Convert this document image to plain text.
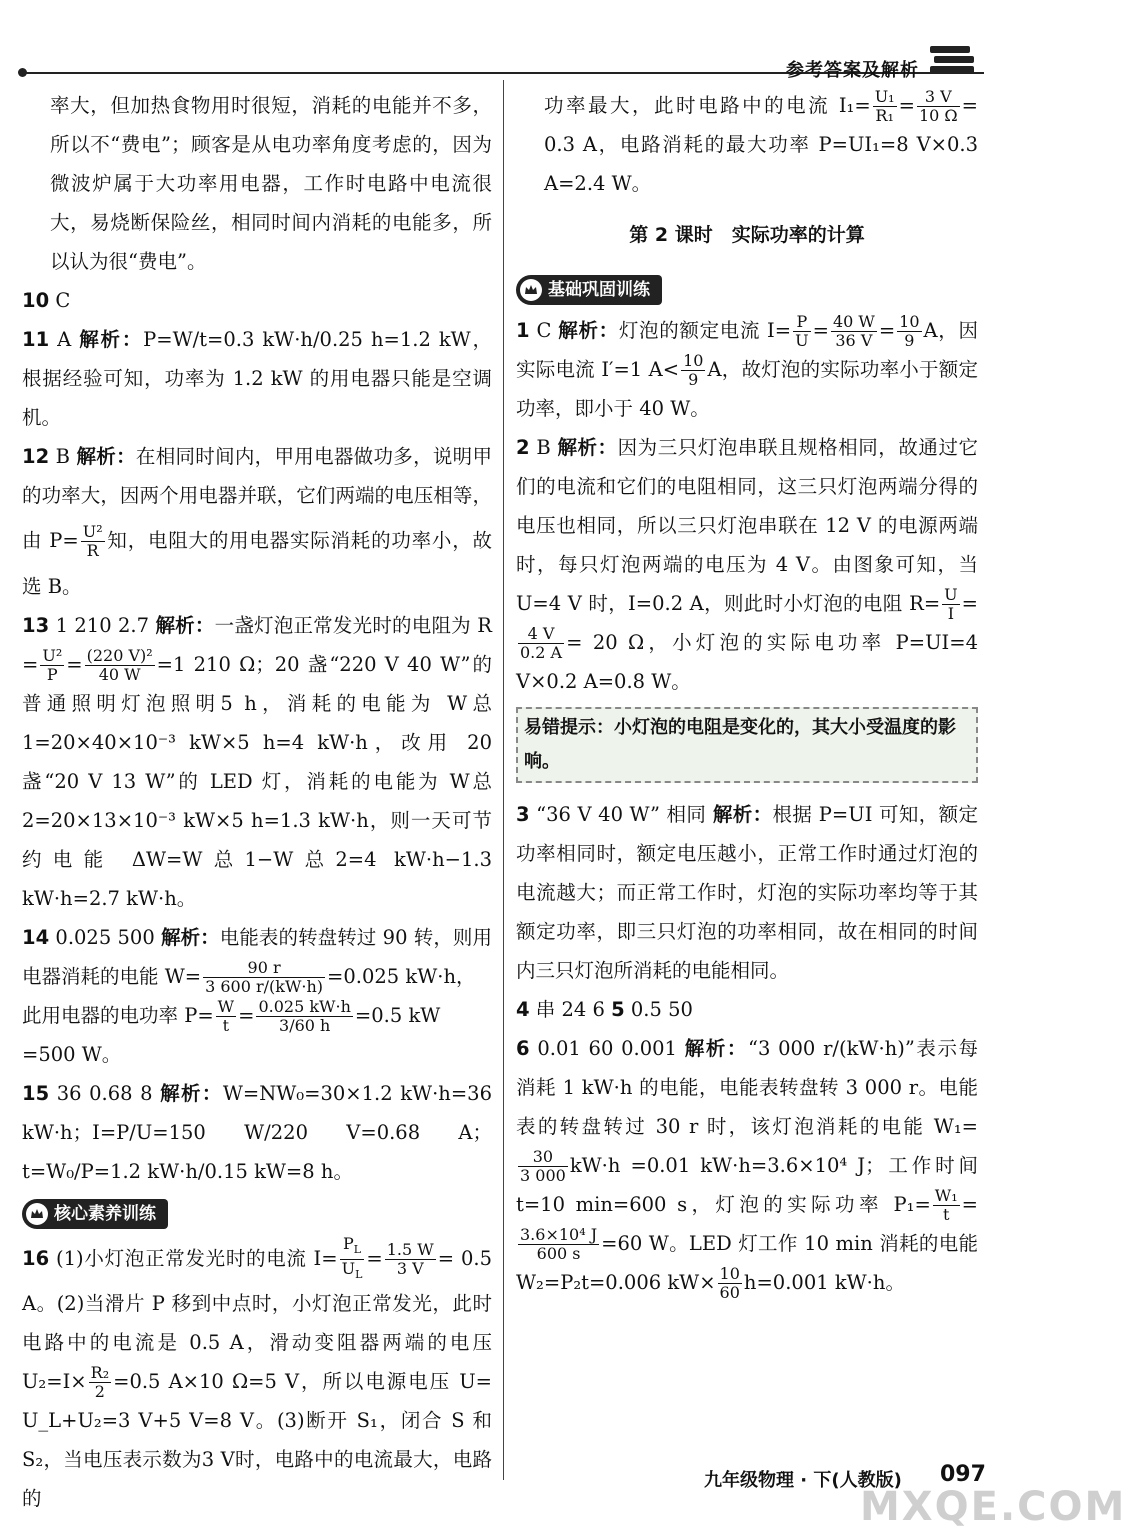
参考答案及解析

率大，但加热食物用时很短，消耗的电能并不多，所以不“费电”；顾客是从电功率角度考虑的，因为微波炉属于大功率用电器，工作时电路中电流很大，易烧断保险丝，相同时间内消耗的电能多，所以认为很“费电”。

10 C

11 A 解析：P=W/t=0.3 kW·h/0.25 h=1.2 kW，根据经验可知，功率为 1.2 kW 的用电器只能是空调机。

12 B 解析：在相同时间内，甲用电器做功多，说明甲的功率大，因两个用电器并联，它们两端的电压相等，由 $P= \frac{\text{U²}}{R}$ 知，电阻大的用电器实际消耗的功率小，故选 B。

13 1 210 2.7 解析：一盏灯泡正常发光时的电阻为 $R = \frac{\text{U²}}{P} = \frac{\text{(220 V)²}}{40 W} =1$ 210 Ω；20 盏“220 V 40 W”的普通照明灯泡照明5 h，消耗的电能为 W总1=20×40×10⁻³ kW×5 h=4 kW·h，改用 20 盏“20 V 13 W”的 LED 灯，消耗的电能为 W总2=20×13×10⁻³ kW×5 h=1.3 kW·h，则一天可节约电能 ΔW=W总1−W总2=4 kW·h−1.3 kW·h=2.7 kW·h。

14 0.025 500 解析：电能表的转盘转过 90 转，则用电器消耗的电能 $W= \frac{90 r}{3 600 r/(kW\cdot h)} =0.025$ kW·h，
此用电器的电功率 $P= \frac{W}{t} = \frac{0.025 kW\cdot h}{3/60 h} =0.5$ kW
=500 W。

15 36 0.68 8 解析：W=NW₀=30×1.2 kW·h=36 kW·h；I=P/U=150 W/220 V=0.68 A；t=W₀/P=1.2 kW·h/0.15 kW=8 h。

核心素养训练

16 (1)小灯泡正常发光时的电流 $I= \frac{P_L}{U_L} = \frac{1.5 W}{3 V} = 0.5$ A。(2)当滑片 P 移到中点时，小灯泡正常发光，此时电路中的电流是 0.5 A，滑动变阻器两端的电压 $U_2=I\times \frac{\text{R₂}}{2} =0.5$ A×10 Ω=5 V，所以电源电压 U= U_L+U₂=3 V+5 V=8 V。(3)断开 S₁，闭合 S 和 S₂，当电压表示数为3 V时，电路中的电流最大，电路的

功率最大，此时电路中的电流 $I_1= \frac{\text{U₁}}{\text{R₁}} = \frac{3 V}{10 \Omega} = 0.3$ A，电路消耗的最大功率 P=UI₁=8 V×0.3 A=2.4 W。

第 2 课时　实际功率的计算
基础巩固训练

1 C 解析：灯泡的额定电流 $I= \frac{P}{U} = \frac{40 W}{36 V} = \frac{10}{9}$ A，因实际电流 I′=1 $A< \frac{10}{9}$ A，故灯泡的实际功率小于额定功率，即小于 40 W。

2 B 解析：因为三只灯泡串联且规格相同，故通过它们的电流和它们的电阻相同，这三只灯泡两端分得的电压也相同，所以三只灯泡串联在 12 V 的电源两端时，每只灯泡两端的电压为 4 V。由图象可知，当 U=4 V 时，I=0.2 A，则此时小灯泡的电阻 $R= \frac{U}{I}$ =
$\frac{4 V}{0.2 A} = 20$ Ω，小灯泡的实际电功率 P=UI=4 V×0.2 A=0.8 W。

易错提示：小灯泡的电阻是变化的，其大小受温度的影响。

3 “36 V 40 W” 相同 解析：根据 P=UI 可知，额定功率相同时，额定电压越小，正常工作时通过灯泡的电流越大；而正常工作时，灯泡的实际功率均等于其额定功率，即三只灯泡的功率相同，故在相同的时间内三只灯泡所消耗的电能相同。

4 串 24 6 5 0.5 50

6 0.01 60 0.001 解析：“3 000 r/(kW·h)”表示每消耗 1 kW·h 的电能，电能表转盘转 3 000 r。电能表的转盘转过 30 r 时，该灯泡消耗的电能 W₁=
$\frac{30}{3 000} kW\cdot h =0.01$ kW·h=3.6×10⁴ J；工作时间 t=10 min=600 s，灯泡的实际功率 $P_1= \frac{\text{W₁}}{t}$ =
$\frac{\text{3.6×10⁴ J}}{600 s} =60$ W。LED 灯工作 10 min 消耗的电能 W₂=P₂t=0.006 $kW\times \frac{10}{60} h=0.001$ kW·h。

九年级物理 · 下(人教版) 097
MXQE.COM
